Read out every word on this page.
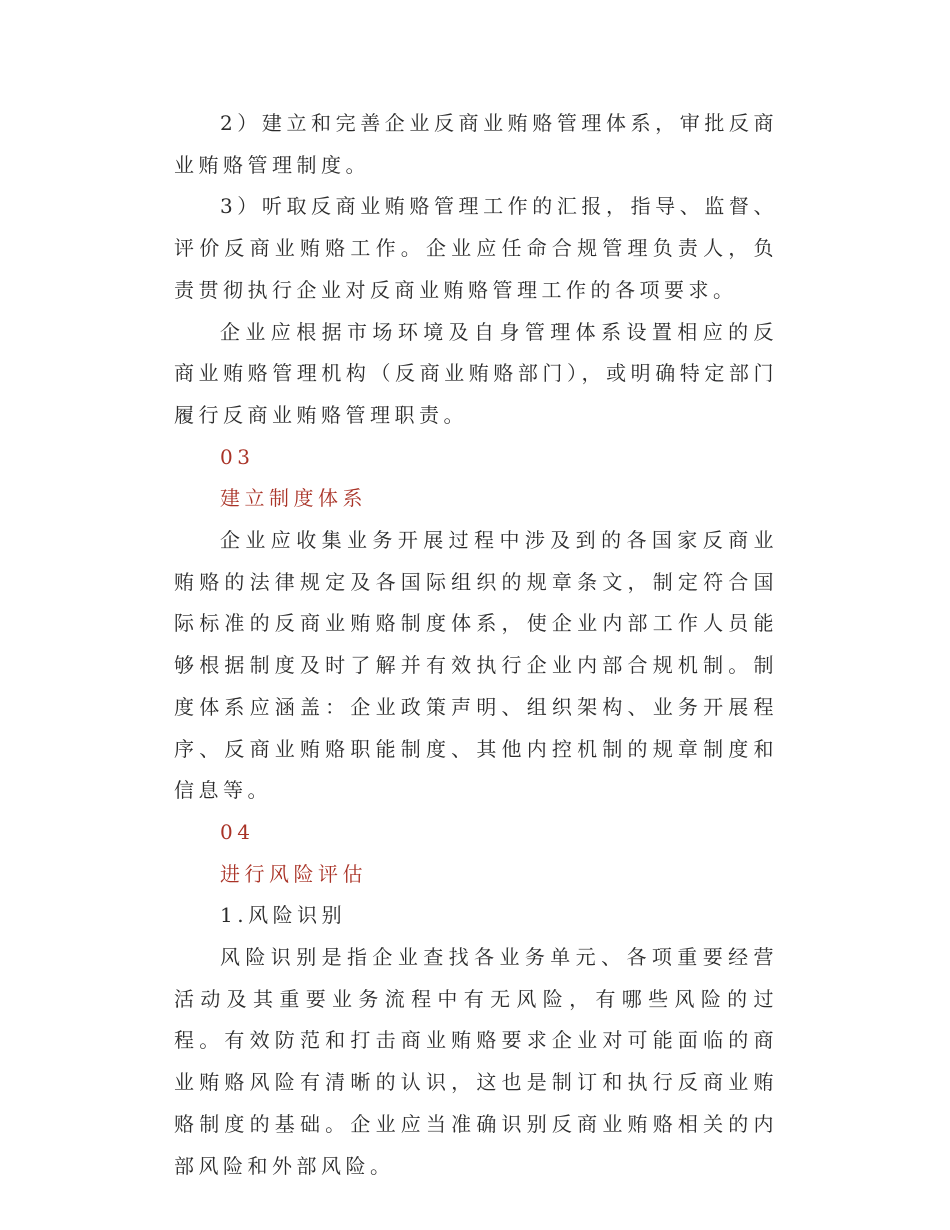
2）建立和完善企业反商业贿赂管理体系，审批反商业贿赂管理制度。

3）听取反商业贿赂管理工作的汇报，指导、监督、评价反商业贿赂工作。企业应任命合规管理负责人，负责贯彻执行企业对反商业贿赂管理工作的各项要求。

企业应根据市场环境及自身管理体系设置相应的反商业贿赂管理机构（反商业贿赂部门），或明确特定部门履行反商业贿赂管理职责。

03

建立制度体系

企业应收集业务开展过程中涉及到的各国家反商业贿赂的法律规定及各国际组织的规章条文，制定符合国际标准的反商业贿赂制度体系，使企业内部工作人员能够根据制度及时了解并有效执行企业内部合规机制。制度体系应涵盖：企业政策声明、组织架构、业务开展程序、反商业贿赂职能制度、其他内控机制的规章制度和信息等。

04

进行风险评估

1.风险识别

风险识别是指企业查找各业务单元、各项重要经营活动及其重要业务流程中有无风险，有哪些风险的过程。有效防范和打击商业贿赂要求企业对可能面临的商业贿赂风险有清晰的认识，这也是制订和执行反商业贿赂制度的基础。企业应当准确识别反商业贿赂相关的内部风险和外部风险。
